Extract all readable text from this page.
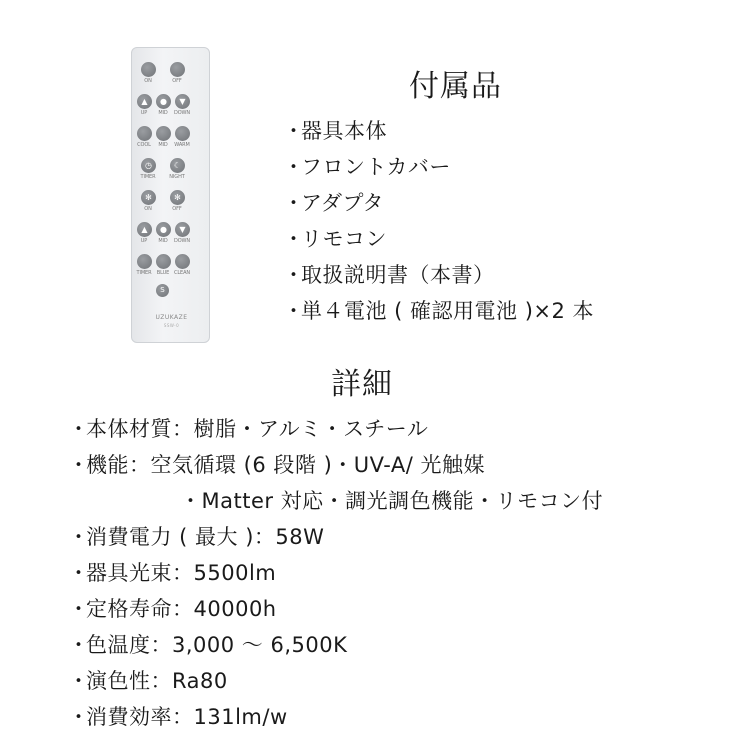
ON	OFF
▲
UP
●
MID
▼
DOWN
COOL	MID	WARM
◷
TIMER
☾
NIGHT
✻
ON
✻
OFF
▲
UP
●
MID
▼
DOWN
TIMER	BLUE CLEAN
S
UZUKAZE
SSW-0
付属品
・器具本体
・フロントカバー
・アダプタ
・リモコン
・取扱説明書（本書）
・単４電池 ( 確認用電池 )×2 本
詳細
・本体材質：樹脂・アルミ・スチール
・機能：空気循環 (6 段階 )・UV-A/ 光触媒
・Matter 対応・調光調色機能・リモコン付
・消費電力 ( 最大 )：58W
・器具光束：5500lm
・定格寿命：40000h
・色温度：3,000 ～ 6,500K
・演色性：Ra80
・消費効率：131lm/w
